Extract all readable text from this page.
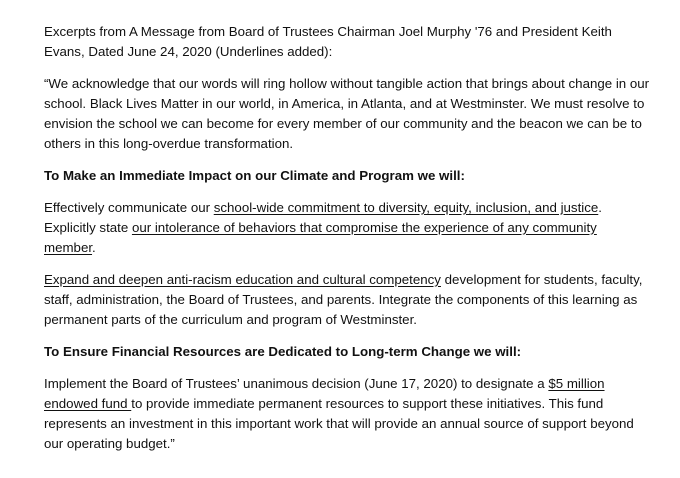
Excerpts from A Message from Board of Trustees Chairman Joel Murphy '76 and President Keith Evans, Dated June 24, 2020 (Underlines added):

“We acknowledge that our words will ring hollow without tangible action that brings about change in our school. Black Lives Matter in our world, in America, in Atlanta, and at Westminster. We must resolve to envision the school we can become for every member of our community and the beacon we can be to others in this long-overdue transformation.

To Make an Immediate Impact on our Climate and Program we will:

Effectively communicate our school-wide commitment to diversity, equity, inclusion, and justice. Explicitly state our intolerance of behaviors that compromise the experience of any community member.

Expand and deepen anti-racism education and cultural competency development for students, faculty, staff, administration, the Board of Trustees, and parents. Integrate the components of this learning as permanent parts of the curriculum and program of Westminster.

To Ensure Financial Resources are Dedicated to Long-term Change we will:

Implement the Board of Trustees’ unanimous decision (June 17, 2020) to designate a $5 million endowed fund to provide immediate permanent resources to support these initiatives. This fund represents an investment in this important work that will provide an annual source of support beyond our operating budget.”
